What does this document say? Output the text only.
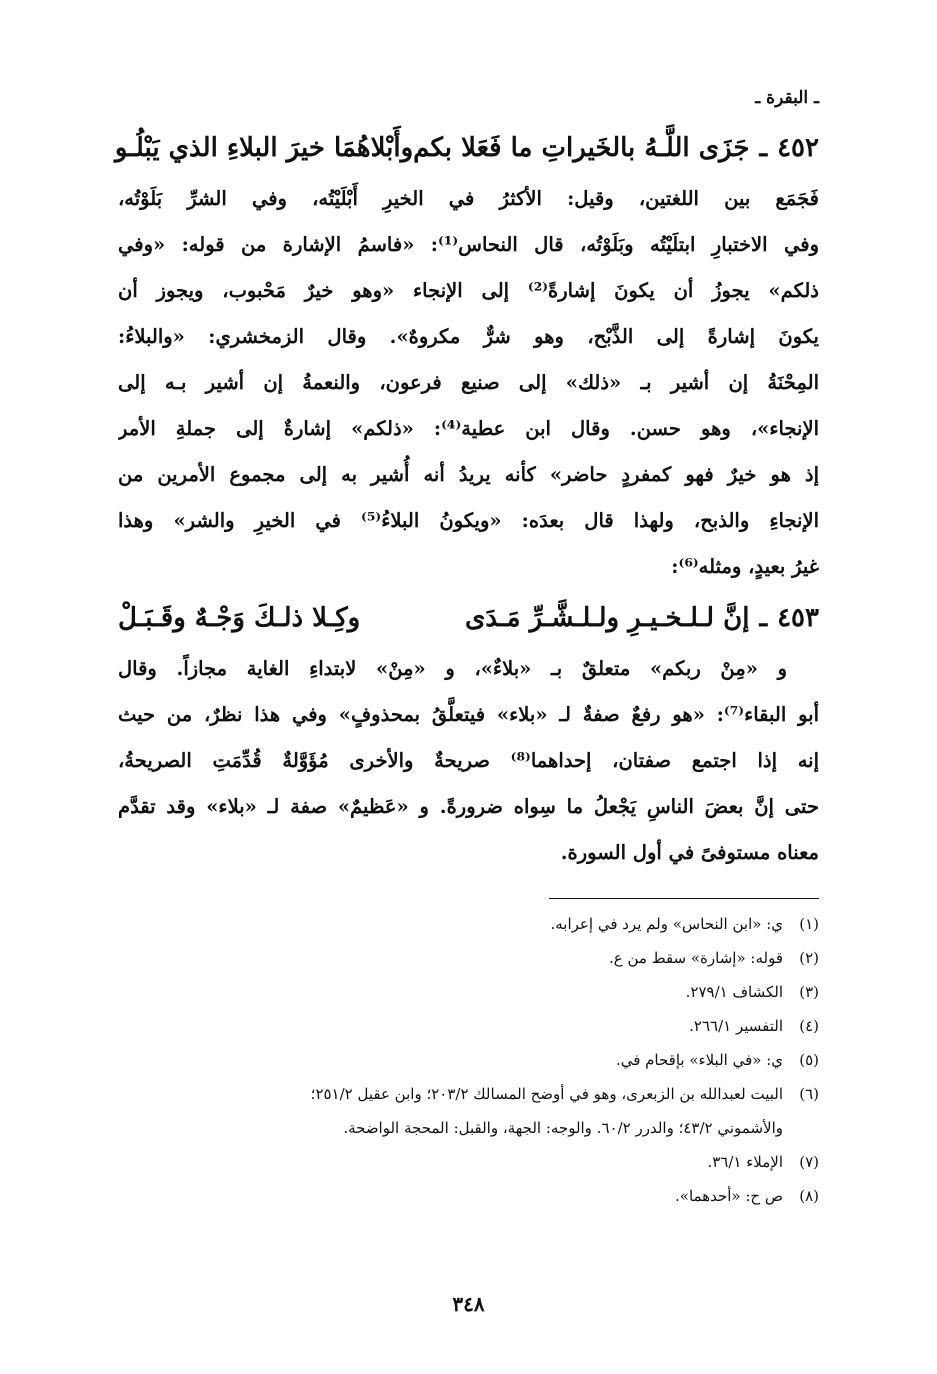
ـ البقرة ـ
٤٥٢
ـ
جَزَى اللَّـهُ بالخَيراتِ ما فَعَلا بكم
وأَبْلاهُمَا خيرَ البلاءِ الذي يَبْلُـو
فَجَمَع بين اللغتين، وقيل: الأكثرُ في الخيرِ أَبْلَيْتُه، وفي الشرِّ بَلَوْتُه،
وفي الاختبارِ ابتلَيْتُه وبَلَوْتُه، قال النحاس⁽¹⁾: «فاسمُ الإشارة من قوله: «وفي
ذلكم» يجوزُ أن يكونَ إشارةً⁽²⁾ إلى الإنجاء «وهو خيرٌ مَحْبوب، ويجوز أن
يكونَ إشارةً إلى الذَّبْح، وهو شرٌّ مكروهٌ». وقال الزمخشري: «والبلاءُ:
المِحْنَةُ إن أشير بـ «ذلك» إلى صنيع فرعون، والنعمةُ إن أشير بـه إلى
الإنجاء»، وهو حسن. وقال ابن عطية⁽⁴⁾: «ذلكم» إشارةٌ إلى جملةِ الأمر
إذ هو خيرٌ فهو كمفردٍ حاضر» كأنه يريدُ أنه أُشير به إلى مجموع الأمرين من
الإنجاءِ والذبح، ولهذا قال بعدَه: «ويكونُ البلاءُ⁽⁵⁾ في الخيرِ والشر» وهذا
غيرُ بعيدٍ، ومثله⁽⁶⁾:
٤٥٣
ـ
إنَّ لـلـخـيـرِ ولـلـشَّـرِّ مَـدَى
وكِـلا ذلـكَ وَجْـهٌ وقَـبَـلْ
و «مِنْ ربكم» متعلقٌ بـ «بلاءٌ»، و «مِنْ» لابتداءِ الغاية مجازاً. وقال
أبو البقاء⁽⁷⁾: «هو رفعٌ صفةٌ لـ «بلاء» فيتعلَّقُ بمحذوفٍ» وفي هذا نظرٌ، من حيث
إنه إذا اجتمع صفتان، إحداهما⁽⁸⁾ صريحةٌ والأخرى مُؤَوَّلةٌ قُدِّمَتِ الصريحةُ،
حتى إنَّ بعضَ الناسِ يَجْعلُ ما سِواه ضرورةً. و «عَظيمٌ» صفة لـ «بلاء» وقد تقدَّم
معناه مستوفىً في أول السورة.
(١)
ي: «ابن النحاس» ولم يرد في إعرابه.
(٢)
قوله: «إشارة» سقط من ع.
(٣)
الكشاف ٢٧٩/١.
(٤)
التفسير ٢٦٦/١.
(٥)
ي: «في البلاء» بإقحام في.
(٦)
البيت لعبدالله بن الزبعرى، وهو في أوضح المسالك ٢٠٣/٢؛ وابن عقيل ٢٥١/٢؛
والأشموني ٤٣/٢؛ والدرر ٦٠/٢. والوجه: الجهة، والقبل: المحجة الواضحة.
(٧)
الإملاء ٣٦/١.
(٨)
ص ح: «أحدهما».
٣٤٨
